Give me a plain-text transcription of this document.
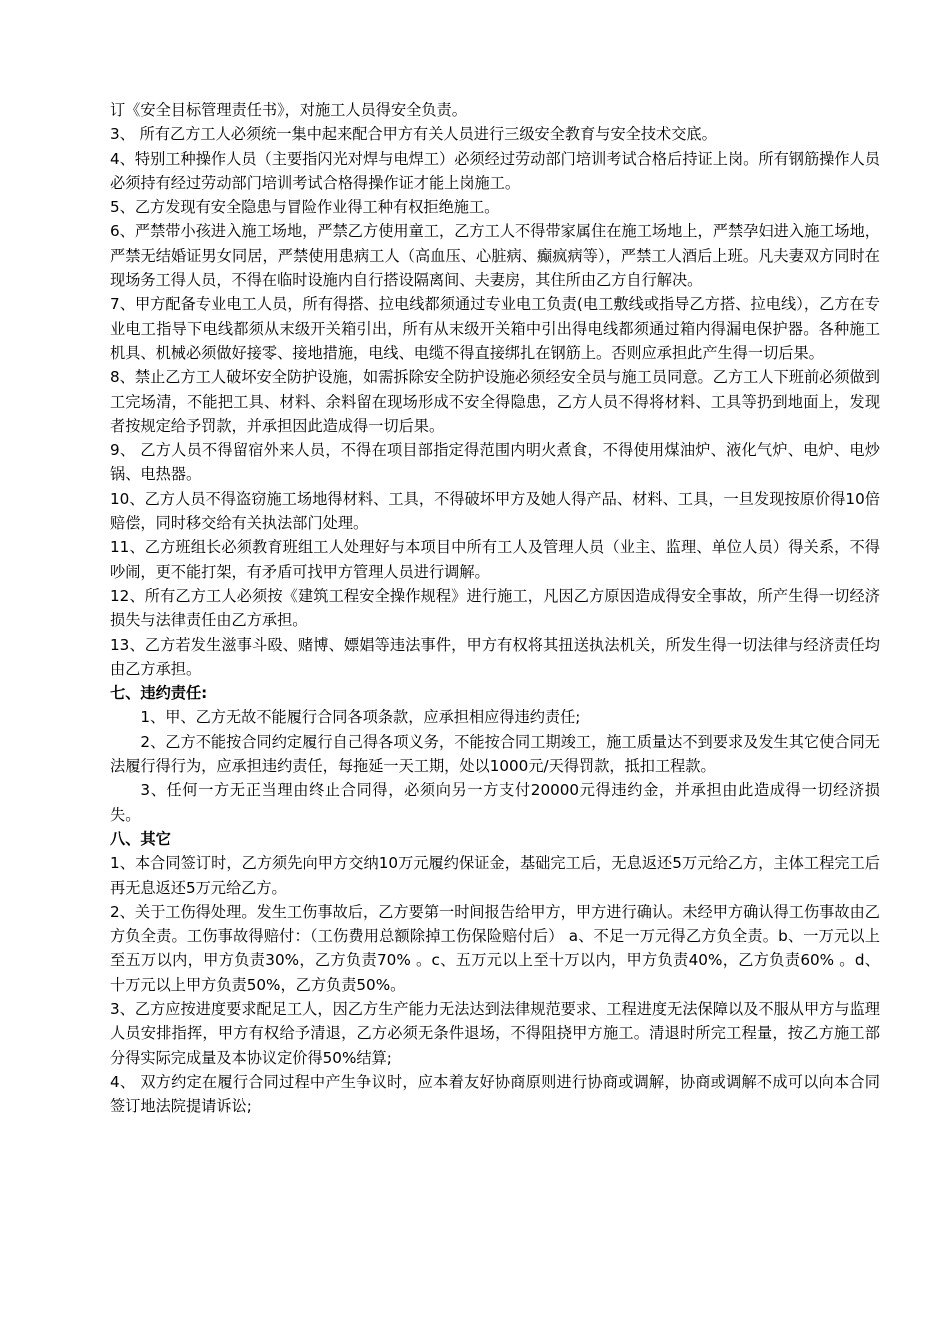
订《安全目标管理责任书》，对施工人员得安全负责。

3、 所有乙方工人必须统一集中起来配合甲方有关人员进行三级安全教育与安全技术交底。

4、特别工种操作人员（主要指闪光对焊与电焊工）必须经过劳动部门培训考试合格后持证上岗。所有钢筋操作人员必须持有经过劳动部门培训考试合格得操作证才能上岗施工。

5、乙方发现有安全隐患与冒险作业得工种有权拒绝施工。

6、严禁带小孩进入施工场地，严禁乙方使用童工，乙方工人不得带家属住在施工场地上，严禁孕妇进入施工场地，严禁无结婚证男女同居，严禁使用患病工人（高血压、心脏病、癫疯病等），严禁工人酒后上班。凡夫妻双方同时在现场务工得人员，不得在临时设施内自行搭设隔离间、夫妻房，其住所由乙方自行解决。

7、甲方配备专业电工人员，所有得搭、拉电线都须通过专业电工负责(电工敷线或指导乙方搭、拉电线），乙方在专业电工指导下电线都须从末级开关箱引出，所有从末级开关箱中引出得电线都须通过箱内得漏电保护器。各种施工机具、机械必须做好接零、接地措施，电线、电缆不得直接绑扎在钢筋上。否则应承担此产生得一切后果。

8、禁止乙方工人破坏安全防护设施，如需拆除安全防护设施必须经安全员与施工员同意。乙方工人下班前必须做到工完场清，不能把工具、材料、余料留在现场形成不安全得隐患，乙方人员不得将材料、工具等扔到地面上，发现者按规定给予罚款，并承担因此造成得一切后果。

9、 乙方人员不得留宿外来人员，不得在项目部指定得范围内明火煮食，不得使用煤油炉、液化气炉、电炉、电炒锅、电热器。

10、乙方人员不得盗窃施工场地得材料、工具，不得破坏甲方及她人得产品、材料、工具，一旦发现按原价得10倍赔偿，同时移交给有关执法部门处理。

11、乙方班组长必须教育班组工人处理好与本项目中所有工人及管理人员（业主、监理、单位人员）得关系，不得吵闹，更不能打架，有矛盾可找甲方管理人员进行调解。

12、所有乙方工人必须按《建筑工程安全操作规程》进行施工，凡因乙方原因造成得安全事故，所产生得一切经济损失与法律责任由乙方承担。

13、乙方若发生滋事斗殴、赌博、嫖娼等违法事件，甲方有权将其扭送执法机关，所发生得一切法律与经济责任均由乙方承担。

七、违约责任:

1、甲、乙方无故不能履行合同各项条款，应承担相应得违约责任;

2、乙方不能按合同约定履行自己得各项义务，不能按合同工期竣工，施工质量达不到要求及发生其它使合同无法履行得行为，应承担违约责任，每拖延一天工期，处以1000元/天得罚款，抵扣工程款。

3、任何一方无正当理由终止合同得，必须向另一方支付20000元得违约金，并承担由此造成得一切经济损失。

八、其它

1、本合同签订时，乙方须先向甲方交纳10万元履约保证金，基础完工后，无息返还5万元给乙方，主体工程完工后再无息返还5万元给乙方。

2、关于工伤得处理。发生工伤事故后，乙方要第一时间报告给甲方，甲方进行确认。未经甲方确认得工伤事故由乙方负全责。工伤事故得赔付：（工伤费用总额除掉工伤保险赔付后） a、不足一万元得乙方负全责。b、一万元以上至五万以内，甲方负责30%，乙方负责70% 。c、五万元以上至十万以内，甲方负责40%，乙方负责60% 。d、十万元以上甲方负责50%，乙方负责50%。

3、乙方应按进度要求配足工人，因乙方生产能力无法达到法律规范要求、工程进度无法保障以及不服从甲方与监理人员安排指挥，甲方有权给予清退，乙方必须无条件退场，不得阻挠甲方施工。清退时所完工程量，按乙方施工部分得实际完成量及本协议定价得50%结算;

4、 双方约定在履行合同过程中产生争议时，应本着友好协商原则进行协商或调解，协商或调解不成可以向本合同签订地法院提请诉讼;
